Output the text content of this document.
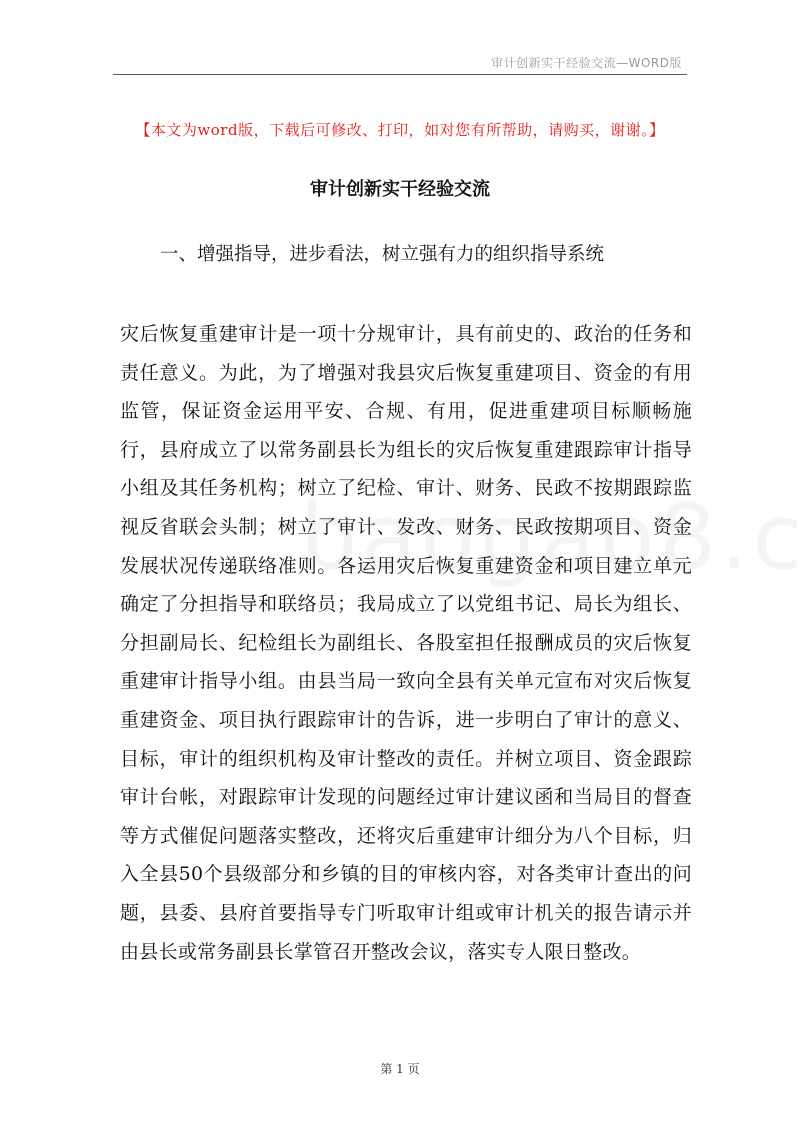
审计创新实干经验交流—WORD版
【本文为word版，下载后可修改、打印，如对您有所帮助，请购买，谢谢。】
审计创新实干经验交流
一、增强指导，进步看法，树立强有力的组织指导系统
灾后恢复重建审计是一项十分规审计，具有前史的、政治的任务和责任意义。为此，为了增强对我县灾后恢复重建项目、资金的有用监管，保证资金运用平安、合规、有用，促进重建项目标顺畅施行，县府成立了以常务副县长为组长的灾后恢复重建跟踪审计指导小组及其任务机构；树立了纪检、审计、财务、民政不按期跟踪监视反省联会头制；树立了审计、发改、财务、民政按期项目、资金发展状况传递联络准则。各运用灾后恢复重建资金和项目建立单元确定了分担指导和联络员；我局成立了以党组书记、局长为组长、分担副局长、纪检组长为副组长、各股室担任报酬成员的灾后恢复重建审计指导小组。由县当局一致向全县有关单元宣布对灾后恢复重建资金、项目执行跟踪审计的告诉，进一步明白了审计的意义、目标，审计的组织机构及审计整改的责任。并树立项目、资金跟踪审计台帐，对跟踪审计发现的问题经过审计建议函和当局目的督查等方式催促问题落实整改，还将灾后重建审计细分为八个目标，归入全县50个县级部分和乡镇的目的审核内容，对各类审计查出的问题，县委、县府首要指导专门听取审计组或审计机关的报告请示并由县长或常务副县长掌管召开整改会议，落实专人限日整改。
第 1 页
